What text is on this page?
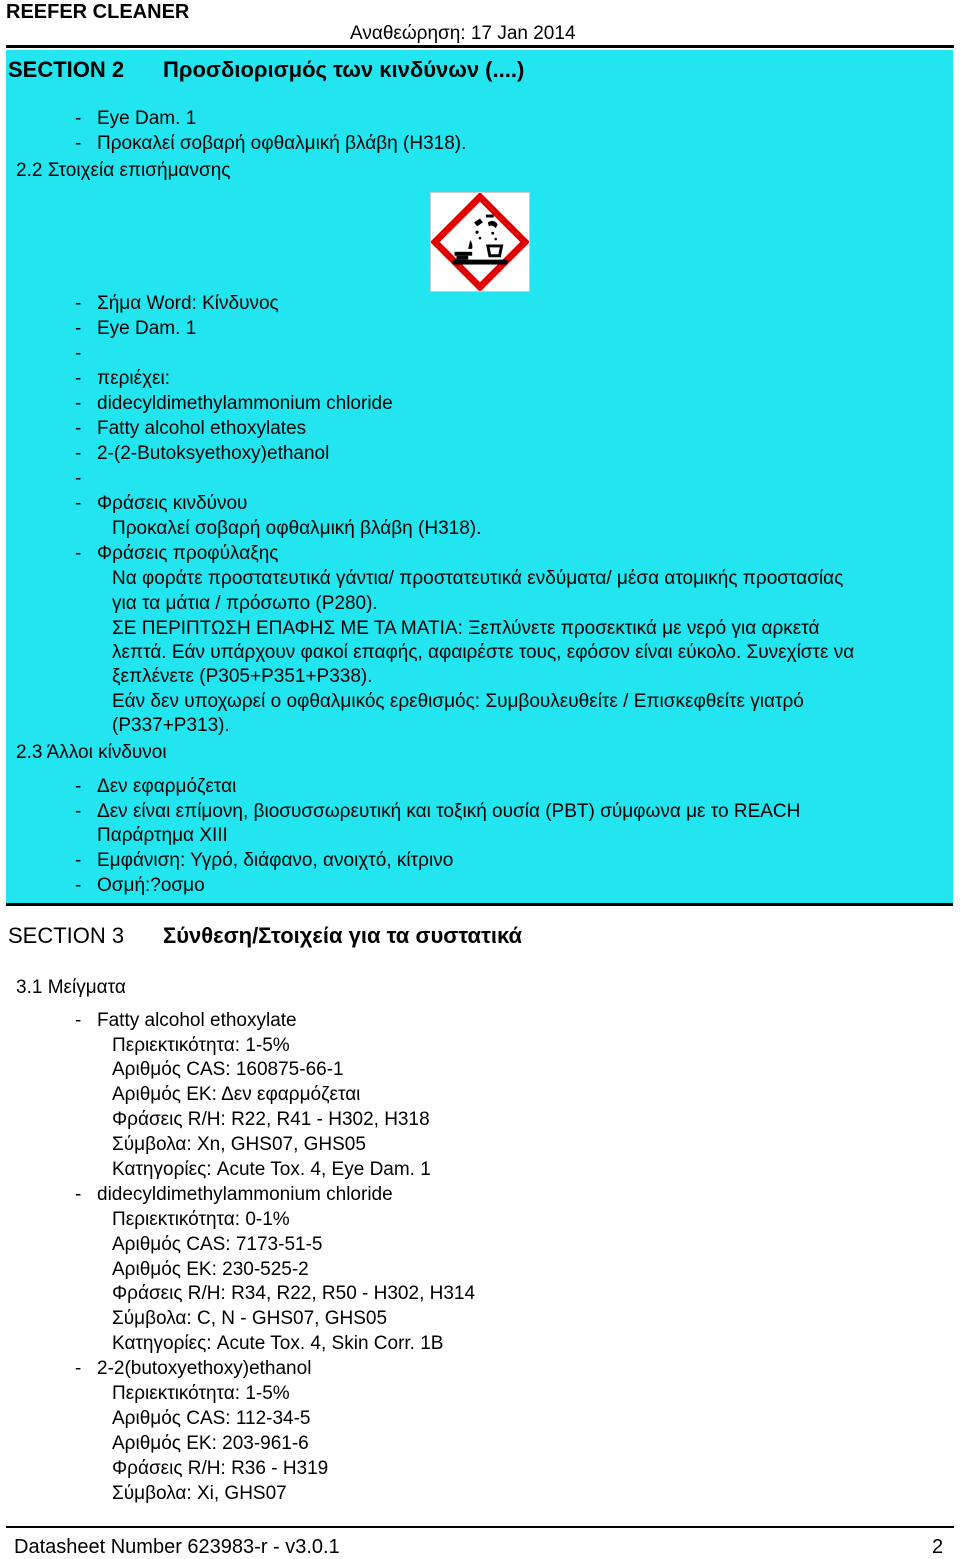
REEFER CLEANER
Αναθεώρηση: 17 Jan 2014
SECTION 2 Προσδιορισμός των κινδύνων (....)
- Eye Dam. 1
- Προκαλεί σοβαρή οφθαλμική βλάβη (H318).
2.2 Στοιχεία επισήμανσης
- Σήμα Word: Κίνδυνος
- Eye Dam. 1
-
- περιέχει:
- didecyldimethylammonium chloride
- Fatty alcohol ethoxylates
- 2-(2-Butoksyethoxy)ethanol
-
- Φράσεις κινδύνου
Προκαλεί σοβαρή οφθαλμική βλάβη (H318).
- Φράσεις προφύλαξης
Να φοράτε προστατευτικά γάντια/ προστατευτικά ενδύματα/ μέσα ατομικής προστασίας
για τα μάτια / πρόσωπο (P280).
ΣΕ ΠΕΡΙΠΤΩΣΗ ΕΠΑΦΗΣ ΜΕ ΤΑ ΜΑΤΙΑ: Ξεπλύνετε προσεκτικά με νερό για αρκετά
λεπτά. Εάν υπάρχουν φακοί επαφής, αφαιρέστε τους, εφόσον είναι εύκολο. Συνεχίστε να
ξεπλένετε (P305+P351+P338).
Εάν δεν υποχωρεί ο οφθαλμικός ερεθισμός: Συμβουλευθείτε / Επισκεφθείτε γιατρό
(P337+P313).
2.3 Άλλοι κίνδυνοι
- Δεν εφαρμόζεται
- Δεν είναι επίμονη, βιοσυσσωρευτική και τοξική ουσία (PBT) σύμφωνα με το REACH
Παράρτημα XIII
- Εμφάνιση: Υγρό, διάφανο, ανοιχτό, κίτρινο
- Οσμή:?οσμο
SECTION 3 Σύνθεση/Στοιχεία για τα συστατικά
3.1 Μείγματα
- Fatty alcohol ethoxylate
Περιεκτικότητα: 1-5%
Αριθμός CAS: 160875-66-1
Αριθμός ΕΚ: Δεν εφαρμόζεται
Φράσεις R/H: R22, R41 - H302, H318
Σύμβολα: Xn, GHS07, GHS05
Κατηγορίες: Acute Tox. 4, Eye Dam. 1
- didecyldimethylammonium chloride
Περιεκτικότητα: 0-1%
Αριθμός CAS: 7173-51-5
Αριθμός ΕΚ: 230-525-2
Φράσεις R/H: R34, R22, R50 - H302, H314
Σύμβολα: C, N - GHS07, GHS05
Κατηγορίες: Acute Tox. 4, Skin Corr. 1B
- 2-2(butoxyethoxy)ethanol
Περιεκτικότητα: 1-5%
Αριθμός CAS: 112-34-5
Αριθμός ΕΚ: 203-961-6
Φράσεις R/H: R36 - H319
Σύμβολα: Xi, GHS07
Datasheet Number 623983-r - v3.0.1	2
